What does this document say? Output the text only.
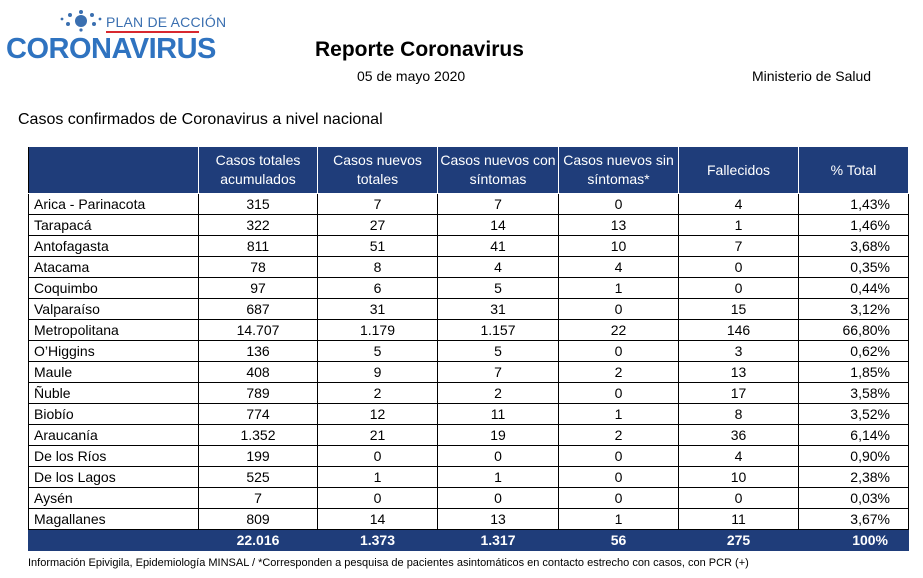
PLAN DE ACCIÓN
CORONAVIRUS	Reporte Coronavirus
05 de mayo 2020	Ministerio de Salud
Casos confirmados de Coronavirus a nivel nacional
	Casos totales acumulados	Casos nuevos totales	Casos nuevos con síntomas	Casos nuevos sin síntomas*	Fallecidos	% Total
Arica - Parinacota	315	7	7	0	4	1,43%
Tarapacá	322	27	14	13	1	1,46%
Antofagasta	811	51	41	10	7	3,68%
Atacama	78	8	4	4	0	0,35%
Coquimbo	97	6	5	1	0	0,44%
Valparaíso	687	31	31	0	15	3,12%
Metropolitana	14.707	1.179	1.157	22	146	66,80%
O’Higgins	136	5	5	0	3	0,62%
Maule	408	9	7	2	13	1,85%
Ñuble	789	2	2	0	17	3,58%
Biobío	774	12	11	1	8	3,52%
Araucanía	1.352	21	19	2	36	6,14%
De los Ríos	199	0	0	0	4	0,90%
De los Lagos	525	1	1	0	10	2,38%
Aysén	7	0	0	0	0	0,03%
Magallanes	809	14	13	1	11	3,67%
	22.016	1.373	1.317	56	275	100%
Información Epivigila, Epidemiología MINSAL / *Corresponden a pesquisa de pacientes asintomáticos en contacto estrecho con casos, con PCR (+)
